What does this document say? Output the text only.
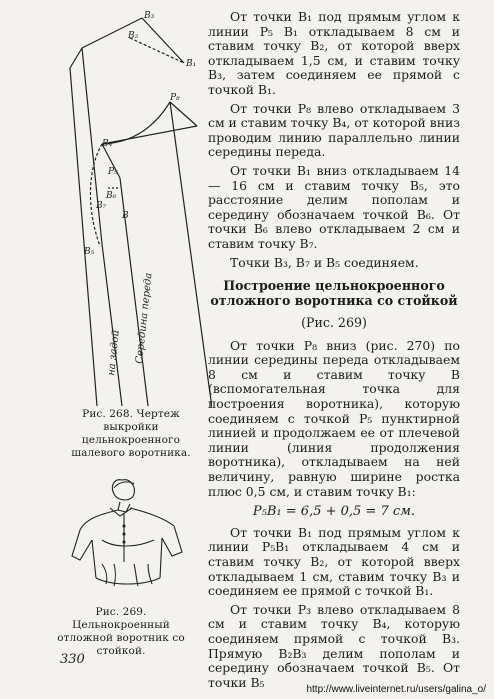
B₃
B₂
B₁
P₈
B₄
P₅
B₆
B₇
B
B₅
на задой Середина переда
Рис. 268. Чертеж выкройки цельнокроенного шалевого воротника.
Рис. 269. Цельнокроенный отложной воротник со стойкой.

От точки B₁ под прямым углом к линии P₅ B₁ откладываем 8 см и ставим точку B₂, от которой вверх откладываем 1,5 см, и ставим точку B₃, затем соединяем ее прямой с точкой B₁.

От точки P₈ влево откладываем 3 см и ставим точку B₄, от которой вниз проводим линию параллельно линии середины переда.

От точки B₁ вниз откладываем 14 — 16 см и ставим точку B₅, это расстояние делим пополам и середину обозначаем точкой B₆. От точки B₆ влево откладываем 2 см и ставим точку B₇.

Точки B₃, B₇ и B₅ соединяем.

Построение цельнокроенного отложного воротника со стойкой
(Рис. 269)

От точки P₈ вниз (рис. 270) по линии середины переда откладываем 8 см и ставим точку B (вспомогательная точка для построения воротника), которую соединяем с точкой P₅ пунктирной линией и продолжаем ее от плечевой линии (линия продолжения воротника), откладываем на ней величину, равную ширине ростка плюс 0,5 см, и ставим точку B₁:

P₅B₁ = 6,5 + 0,5 = 7 см.

От точки B₁ под прямым углом к линии P₅B₁ откладываем 4 см и ставим точку B₂, от которой вверх откладываем 1 см, ставим точку B₃ и соединяем ее прямой с точкой B₁.

От точки P₃ влево откладываем 8 см и ставим точку B₄, которую соединяем прямой с точкой B₃. Прямую B₂B₃ делим пополам и середину обозначаем точкой B₅. От точки B₅

330
http://www.liveinternet.ru/users/galina_o/
